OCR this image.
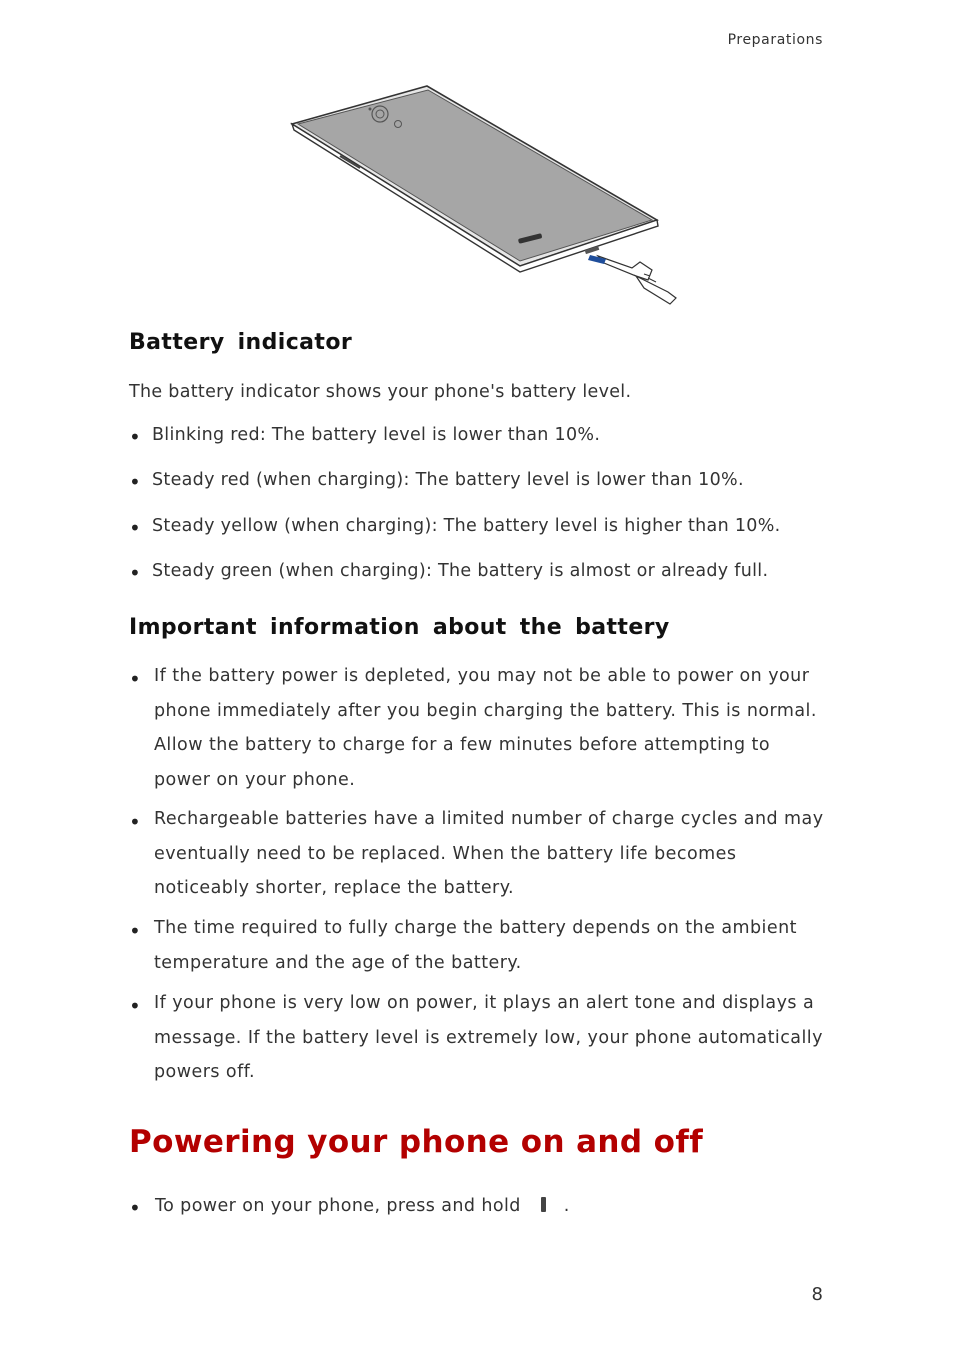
Preparations
Battery indicator

The battery indicator shows your phone's battery level.

• Blinking red: The battery level is lower than 10%.
• Steady red (when charging): The battery level is lower than 10%.
• Steady yellow (when charging): The battery level is higher than 10%.
• Steady green (when charging): The battery is almost or already full.
Important information about the battery
• If the battery power is depleted, you may not be able to power on your phone immediately after you begin charging the battery. This is normal. Allow the battery to charge for a few minutes before attempting to power on your phone.
• Rechargeable batteries have a limited number of charge cycles and may eventually need to be replaced. When the battery life becomes noticeably shorter, replace the battery.
• The time required to fully charge the battery depends on the ambient temperature and the age of the battery.
• If your phone is very low on power, it plays an alert tone and displays a message. If the battery level is extremely low, your phone automatically powers off.
Powering your phone on and off
• To power on your phone, press and hold .
8
